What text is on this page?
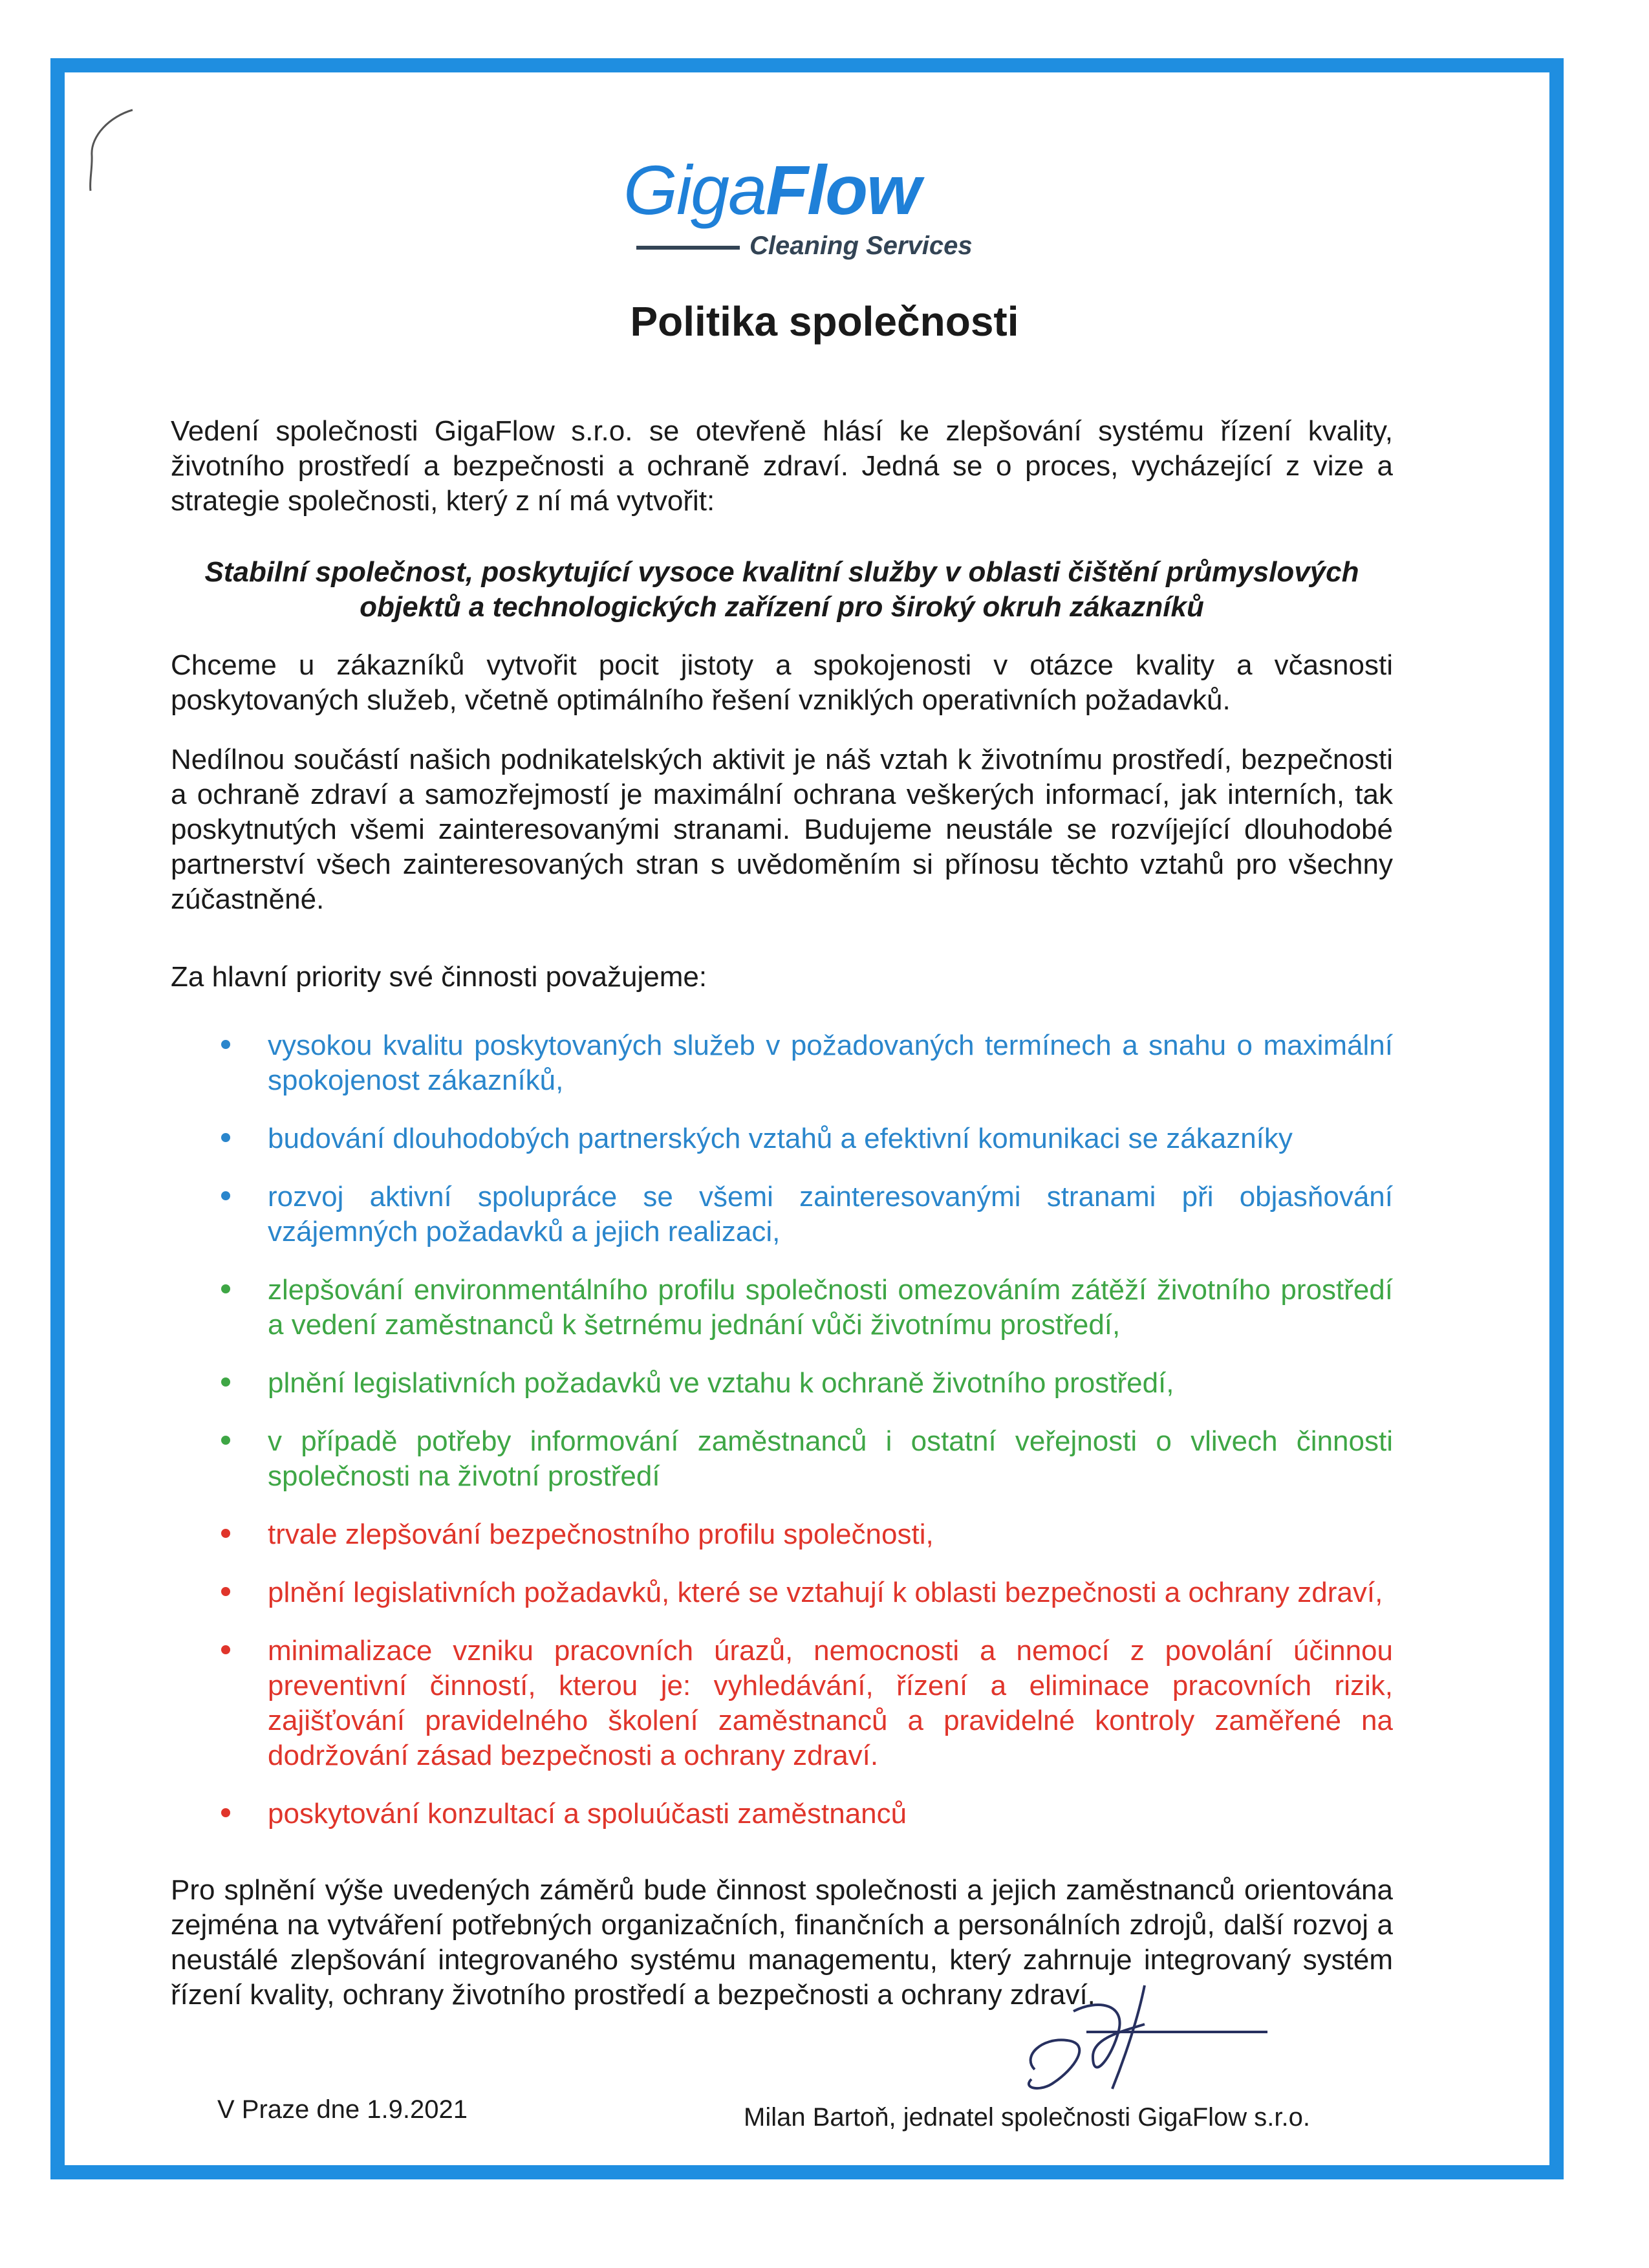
GigaFlow
Cleaning Services
Politika společnosti
Vedení společnosti GigaFlow s.r.o. se otevřeně hlásí ke zlepšování systému řízení kvality, životního prostředí a bezpečnosti a ochraně zdraví. Jedná se o proces, vycházející z vize a strategie společnosti, který z ní má vytvořit:
Stabilní společnost, poskytující vysoce kvalitní služby v oblasti čištění průmyslových objektů a technologických zařízení pro široký okruh zákazníků
Chceme u zákazníků vytvořit pocit jistoty a spokojenosti v otázce kvality a včasnosti poskytovaných služeb, včetně optimálního řešení vzniklých operativních požadavků.
Nedílnou součástí našich podnikatelských aktivit je náš vztah k životnímu prostředí, bezpečnosti a ochraně zdraví a samozřejmostí je maximální ochrana veškerých informací, jak interních, tak poskytnutých všemi zainteresovanými stranami. Budujeme neustále se rozvíjející dlouhodobé partnerství všech zainteresovaných stran s uvědoměním si přínosu těchto vztahů pro všechny zúčastněné.
Za hlavní priority své činnosti považujeme:
vysokou kvalitu poskytovaných služeb v požadovaných termínech a snahu o maximální spokojenost zákazníků,
budování dlouhodobých partnerských vztahů a efektivní komunikaci se zákazníky
rozvoj aktivní spolupráce se všemi zainteresovanými stranami při objasňování vzájemných požadavků a jejich realizaci,
zlepšování environmentálního profilu společnosti omezováním zátěží životního prostředí a vedení zaměstnanců k šetrnému jednání vůči životnímu prostředí,
plnění legislativních požadavků ve vztahu k ochraně životního prostředí,
v případě potřeby informování zaměstnanců i ostatní veřejnosti o vlivech činnosti společnosti na životní prostředí
trvale zlepšování bezpečnostního profilu společnosti,
plnění legislativních požadavků, které se vztahují k oblasti bezpečnosti a ochrany zdraví,
minimalizace vzniku pracovních úrazů, nemocnosti a nemocí z povolání účinnou preventivní činností, kterou je: vyhledávání, řízení a eliminace pracovních rizik, zajišťování pravidelného školení zaměstnanců a pravidelné kontroly zaměřené na dodržování zásad bezpečnosti a ochrany zdraví.
poskytování konzultací a spoluúčasti zaměstnanců
Pro splnění výše uvedených záměrů bude činnost společnosti a jejich zaměstnanců orientována zejména na vytváření potřebných organizačních, finančních a personálních zdrojů, další rozvoj a neustálé zlepšování integrovaného systému managementu, který zahrnuje integrovaný systém řízení kvality, ochrany životního prostředí a bezpečnosti a ochrany zdraví.
V Praze dne 1.9.2021	Milan Bartoň, jednatel společnosti GigaFlow s.r.o.
